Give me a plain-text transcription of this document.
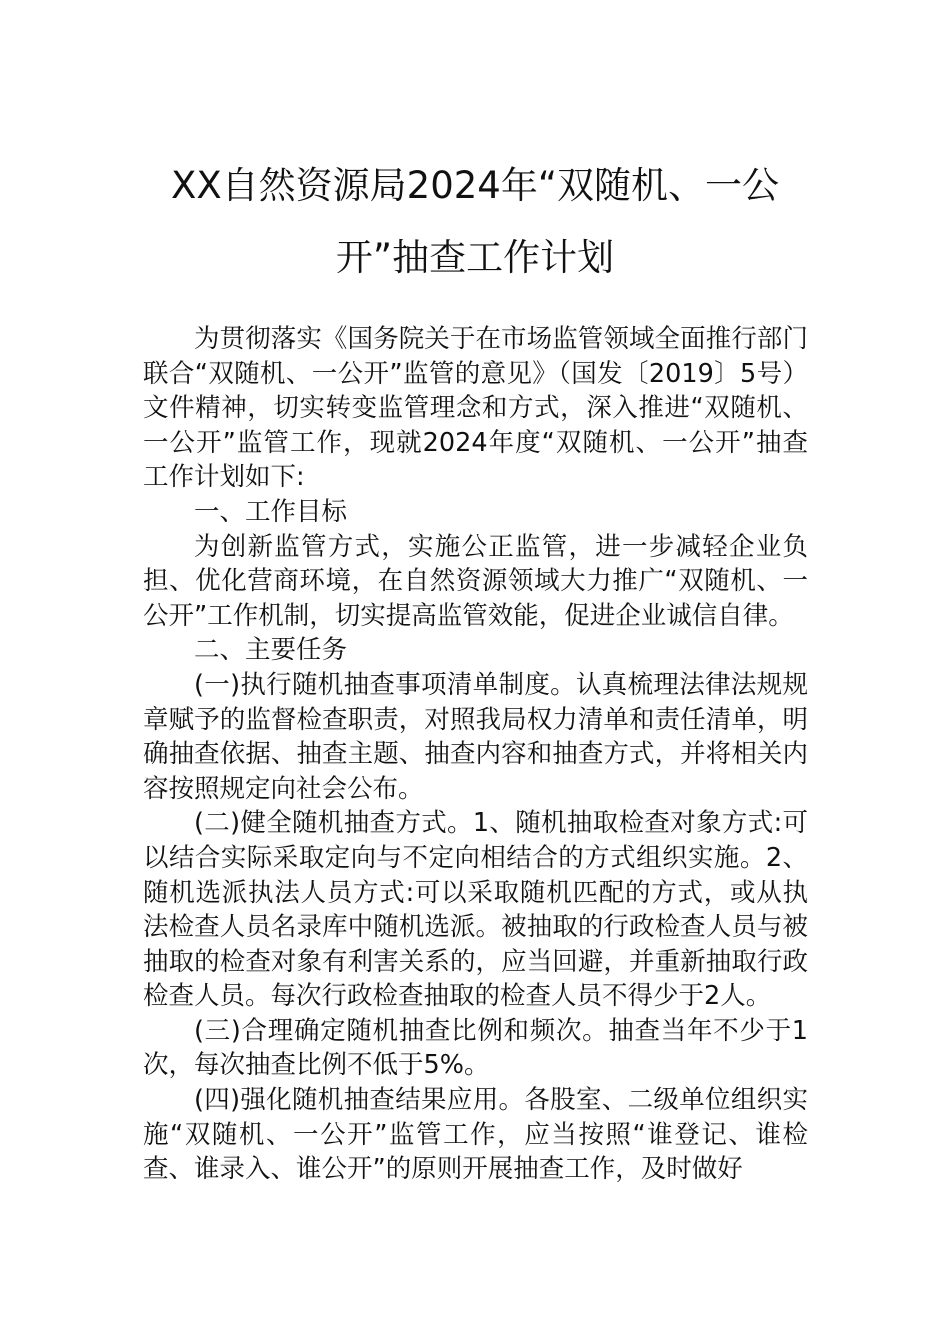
XX自然资源局2024年“双随机、一公
开”抽查工作计划

为贯彻落实《国务院关于在市场监管领域全面推行部门联合“双随机、一公开”监管的意见》（国发〔2019〕5号）文件精神，切实转变监管理念和方式，深入推进“双随机、一公开”监管工作，现就2024年度“双随机、一公开”抽查工作计划如下:

一、工作目标

为创新监管方式，实施公正监管，进一步减轻企业负担、优化营商环境，在自然资源领域大力推广“双随机、一公开”工作机制，切实提高监管效能，促进企业诚信自律。

二、主要任务

(一)执行随机抽查事项清单制度。认真梳理法律法规规章赋予的监督检查职责，对照我局权力清单和责任清单，明确抽查依据、抽查主题、抽查内容和抽查方式，并将相关内容按照规定向社会公布。

(二)健全随机抽查方式。1、随机抽取检查对象方式:可以结合实际采取定向与不定向相结合的方式组织实施。2、随机选派执法人员方式:可以采取随机匹配的方式，或从执法检查人员名录库中随机选派。被抽取的行政检查人员与被抽取的检查对象有利害关系的，应当回避，并重新抽取行政检查人员。每次行政检查抽取的检查人员不得少于2人。

(三)合理确定随机抽查比例和频次。抽查当年不少于1次，每次抽查比例不低于5%。

(四)强化随机抽查结果应用。各股室、二级单位组织实施“双随机、一公开”监管工作，应当按照“谁登记、谁检查、谁录入、谁公开”的原则开展抽查工作，及时做好
